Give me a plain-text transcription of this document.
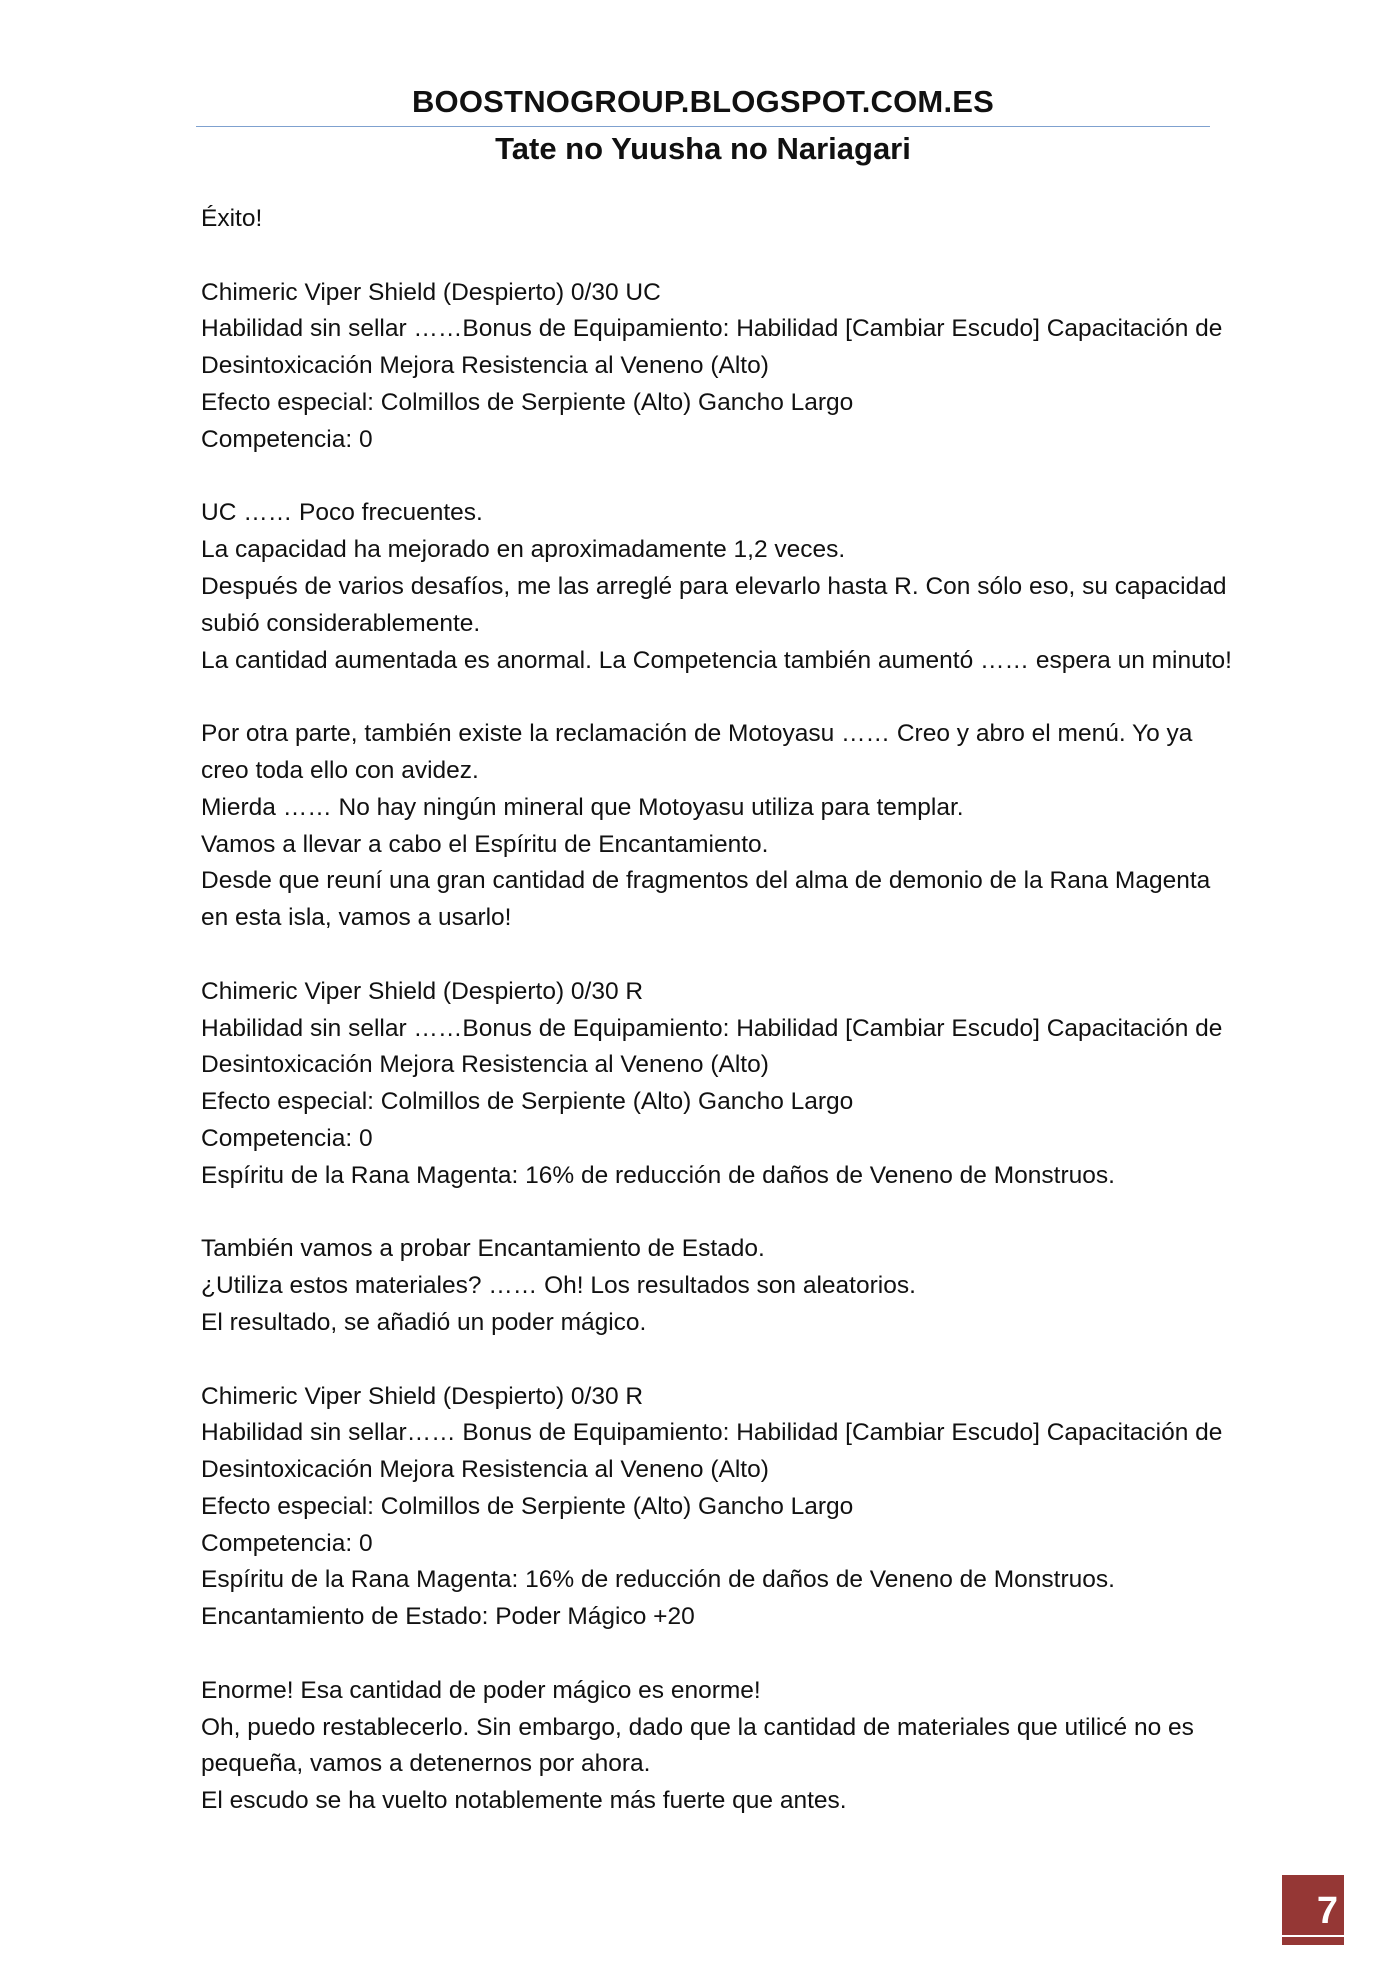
BOOSTNOGROUP.BLOGSPOT.COM.ES
Tate no Yuusha no Nariagari
Éxito!
Chimeric Viper Shield (Despierto) 0/30 UC
Habilidad sin sellar ……Bonus de Equipamiento: Habilidad [Cambiar Escudo] Capacitación de
Desintoxicación Mejora Resistencia al Veneno (Alto)
Efecto especial: Colmillos de Serpiente (Alto) Gancho Largo
Competencia: 0
UC …… Poco frecuentes.
La capacidad ha mejorado en aproximadamente 1,2 veces.
Después de varios desafíos, me las arreglé para elevarlo hasta R. Con sólo eso, su capacidad
subió considerablemente.
La cantidad aumentada es anormal. La Competencia también aumentó …… espera un minuto!
Por otra parte, también existe la reclamación de Motoyasu …… Creo y abro el menú. Yo ya
creo toda ello con avidez.
Mierda …… No hay ningún mineral que Motoyasu utiliza para templar.
Vamos a llevar a cabo el Espíritu de Encantamiento.
Desde que reuní una gran cantidad de fragmentos del alma de demonio de la Rana Magenta
en esta isla, vamos a usarlo!
Chimeric Viper Shield (Despierto) 0/30 R
Habilidad sin sellar ……Bonus de Equipamiento: Habilidad [Cambiar Escudo] Capacitación de
Desintoxicación Mejora Resistencia al Veneno (Alto)
Efecto especial: Colmillos de Serpiente (Alto) Gancho Largo
Competencia: 0
Espíritu de la Rana Magenta: 16% de reducción de daños de Veneno de Monstruos.
También vamos a probar Encantamiento de Estado.
¿Utiliza estos materiales? …… Oh! Los resultados son aleatorios.
El resultado, se añadió un poder mágico.
Chimeric Viper Shield (Despierto) 0/30 R
Habilidad sin sellar…… Bonus de Equipamiento: Habilidad [Cambiar Escudo] Capacitación de
Desintoxicación Mejora Resistencia al Veneno (Alto)
Efecto especial: Colmillos de Serpiente (Alto) Gancho Largo
Competencia: 0
Espíritu de la Rana Magenta: 16% de reducción de daños de Veneno de Monstruos.
Encantamiento de Estado: Poder Mágico +20
Enorme! Esa cantidad de poder mágico es enorme!
Oh, puedo restablecerlo. Sin embargo, dado que la cantidad de materiales que utilicé no es
pequeña, vamos a detenernos por ahora.
El escudo se ha vuelto notablemente más fuerte que antes.
7
